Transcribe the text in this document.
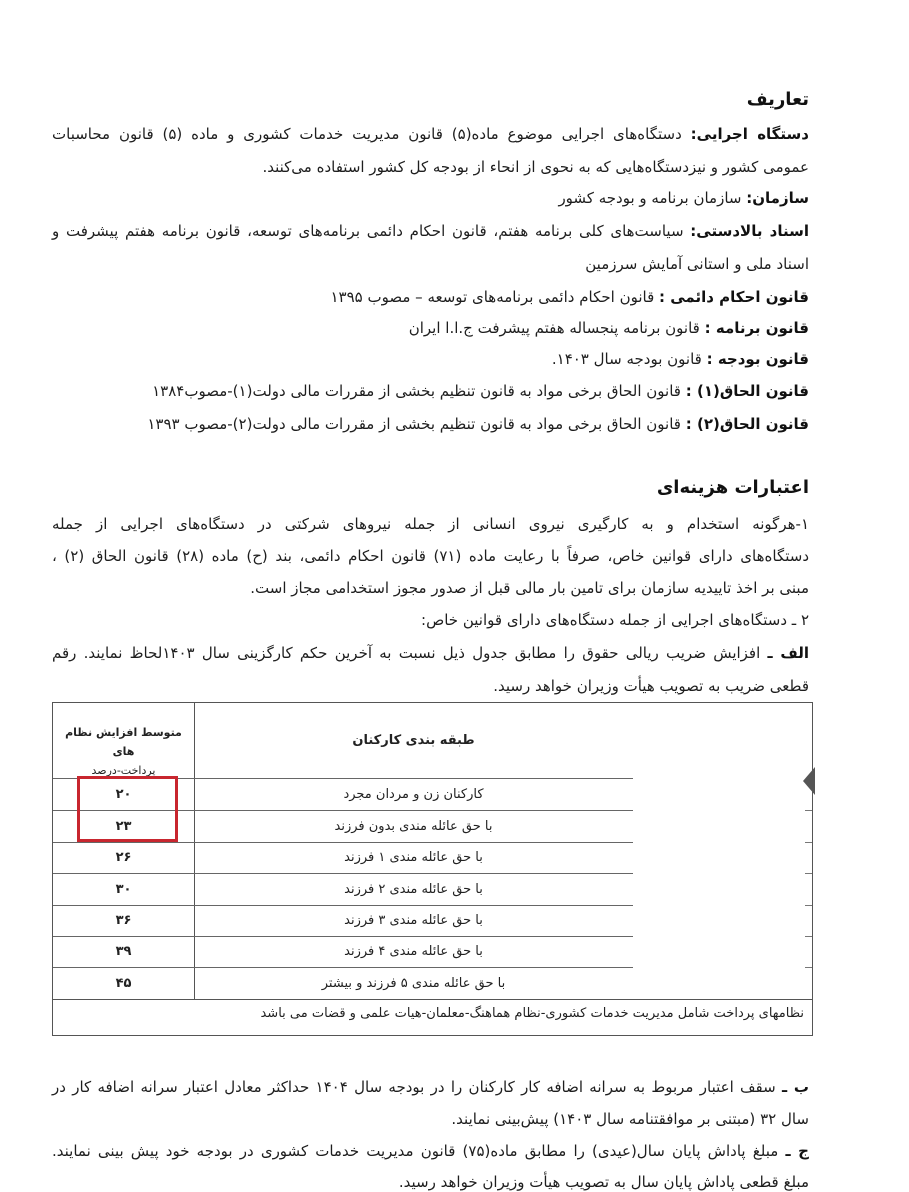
تعاریف
دستگاه اجرایی: دستگاه‌های اجرایی موضوع ماده(۵) قانون مدیریت خدمات کشوری و ماده (۵) قانون محاسبات
عمومی کشور و نیزدستگاه‌هایی که به نحوی از انحاء از بودجه کل کشور استفاده می‌کنند.
سازمان: سازمان برنامه و بودجه کشور
اسناد بالادستی: سیاست‌های کلی برنامه هفتم، قانون احکام دائمی برنامه‌های توسعه، قانون برنامه هفتم پیشرفت و
اسناد ملی و استانی آمایش سرزمین
قانون احکام دائمی : قانون احکام دائمی برنامه‌های توسعه – مصوب ۱۳۹۵
قانون برنامه : قانون برنامه پنجساله هفتم پیشرفت ج.ا.ا ایران
قانون بودجه : قانون بودجه سال ۱۴۰۳.
قانون الحاق(۱) : قانون الحاق برخی مواد به قانون تنظیم بخشی از مقررات مالی دولت(۱)-مصوب۱۳۸۴
قانون الحاق(۲) : قانون الحاق برخی مواد به قانون تنظیم بخشی از مقررات مالی دولت(۲)-مصوب ۱۳۹۳
اعتبارات هزینه‌ای
۱-هرگونه استخدام و به کارگیری نیروی انسانی از جمله نیروهای شرکتی در دستگاه‌های اجرایی از جمله
دستگاه‌های دارای قوانین خاص، صرفاً با رعایت ماده (۷۱) قانون احکام دائمی، بند (ح) ماده (۲۸) قانون الحاق (۲) ،
مبنی بر اخذ تاییدیه سازمان برای تامین بار مالی قبل از صدور مجوز استخدامی مجاز است.
۲ ـ دستگاه‌های اجرایی از جمله دستگاه‌های دارای قوانین خاص:
الف ـ افزایش ضریب ریالی حقوق را مطابق جدول ذیل نسبت به آخرین حکم کارگزینی سال ۱۴۰۳لحاظ نمایند. رقم
قطعی ضریب به تصویب هیأت وزیران خواهد رسید.
متوسط افزایش نظام های
پرداخت-درصد
طبقه بندی کارکنان
۲۰	کارکنان زن و مردان مجرد
۲۳	با حق عائله مندی بدون فرزند
۲۶	با حق عائله مندی ۱ فرزند
۳۰	با حق عائله مندی ۲ فرزند
۳۶	با حق عائله مندی ۳ فرزند
۳۹	با حق عائله مندی ۴ فرزند
۴۵	با حق عائله مندی ۵ فرزند و بیشتر
نظامهای پرداخت شامل مدیریت خدمات کشوری-نظام هماهنگ-معلمان-هیات علمی و قضات می باشد
ب ـ سقف اعتبار مربوط به سرانه اضافه کار کارکنان را در بودجه سال ۱۴۰۴ حداکثر معادل اعتبار سرانه اضافه کار در
سال ۳۲ (مبتنی بر موافقتنامه سال ۱۴۰۳) پیش‌بینی نمایند.
ج ـ مبلغ پاداش پایان سال(عیدی) را مطابق ماده(۷۵) قانون مدیریت خدمات کشوری در بودجه خود پیش بینی نمایند.
مبلغ قطعی پاداش پایان سال به تصویب هیأت وزیران خواهد رسید.
